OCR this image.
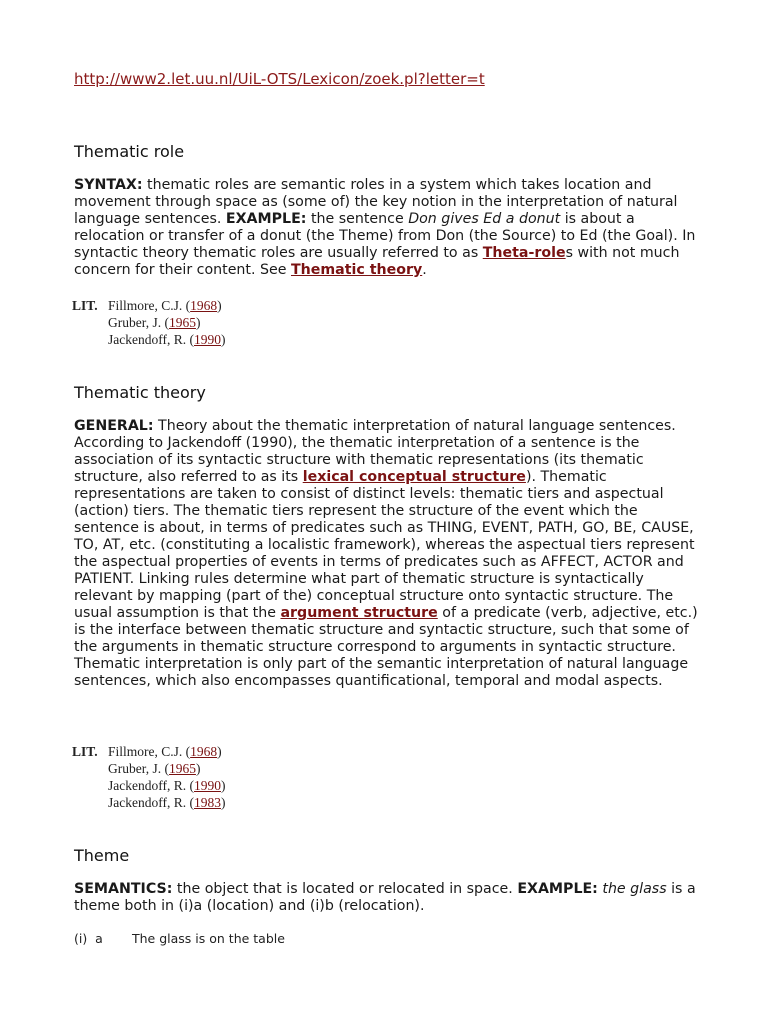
http://www2.let.uu.nl/UiL-OTS/Lexicon/zoek.pl?letter=t
Thematic role
SYNTAX: thematic roles are semantic roles in a system which takes location and movement through space as (some of) the key notion in the interpretation of natural language sentences. EXAMPLE: the sentence Don gives Ed a donut is about a relocation or transfer of a donut (the Theme) from Don (the Source) to Ed (the Goal). In syntactic theory thematic roles are usually referred to as Theta-roles with not much concern for their content. See Thematic theory.
LIT. Fillmore, C.J. (1968)
Gruber, J. (1965)
Jackendoff, R. (1990)
Thematic theory
GENERAL: Theory about the thematic interpretation of natural language sentences. According to Jackendoff (1990), the thematic interpretation of a sentence is the association of its syntactic structure with thematic representations (its thematic structure, also referred to as its lexical conceptual structure). Thematic representations are taken to consist of distinct levels: thematic tiers and aspectual (action) tiers. The thematic tiers represent the structure of the event which the sentence is about, in terms of predicates such as THING, EVENT, PATH, GO, BE, CAUSE, TO, AT, etc. (constituting a localistic framework), whereas the aspectual tiers represent the aspectual properties of events in terms of predicates such as AFFECT, ACTOR and PATIENT. Linking rules determine what part of thematic structure is syntactically relevant by mapping (part of the) conceptual structure onto syntactic structure. The usual assumption is that the argument structure of a predicate (verb, adjective, etc.) is the interface between thematic structure and syntactic structure, such that some of the arguments in thematic structure correspond to arguments in syntactic structure. Thematic interpretation is only part of the semantic interpretation of natural language sentences, which also encompasses quantificational, temporal and modal aspects.
LIT. Fillmore, C.J. (1968)
Gruber, J. (1965)
Jackendoff, R. (1990)
Jackendoff, R. (1983)
Theme
SEMANTICS: the object that is located or relocated in space. EXAMPLE: the glass is a theme both in (i)a (location) and (i)b (relocation).
(i)  a The glass is on the table
